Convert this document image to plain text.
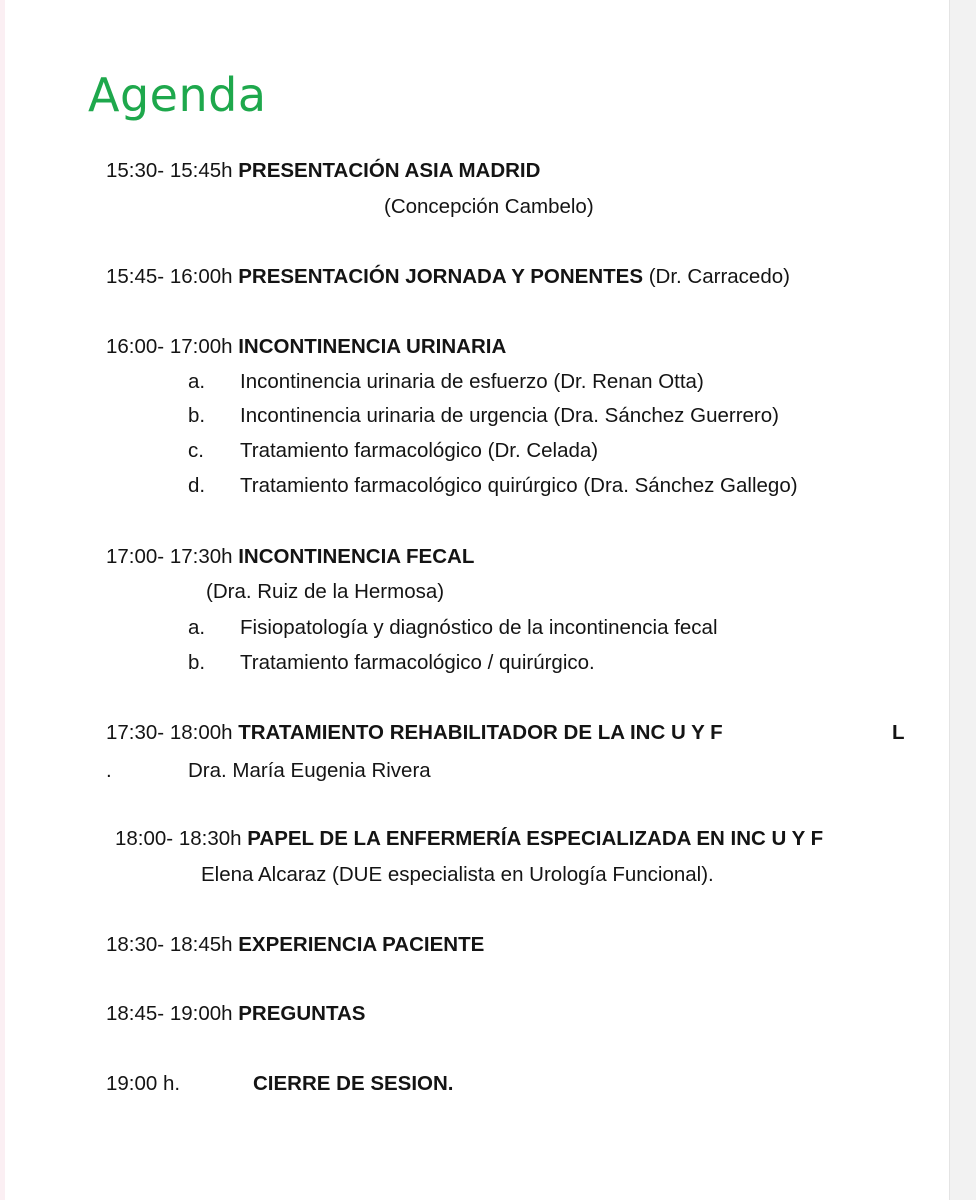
Agenda
15:30- 15:45h PRESENTACIÓN ASIA MADRID
(Concepción Cambelo)
15:45- 16:00h PRESENTACIÓN JORNADA Y PONENTES (Dr. Carracedo)
16:00- 17:00h INCONTINENCIA URINARIA
a. Incontinencia urinaria de esfuerzo (Dr. Renan Otta)
b. Incontinencia urinaria de urgencia (Dra. Sánchez Guerrero)
c. Tratamiento farmacológico (Dr. Celada)
d. Tratamiento farmacológico quirúrgico (Dra. Sánchez Gallego)
17:00- 17:30h INCONTINENCIA FECAL
(Dra. Ruiz de la Hermosa)
a. Fisiopatología y diagnóstico de la incontinencia fecal
b. Tratamiento farmacológico / quirúrgico.
17:30- 18:00h TRATAMIENTO REHABILITADOR DE LA INC U Y F	L
.	Dra. María Eugenia Rivera
18:00- 18:30h PAPEL DE LA ENFERMERÍA ESPECIALIZADA EN INC U Y F
Elena Alcaraz (DUE especialista en Urología Funcional).
18:30- 18:45h EXPERIENCIA PACIENTE
18:45- 19:00h PREGUNTAS
19:00 h.	CIERRE DE SESION.
